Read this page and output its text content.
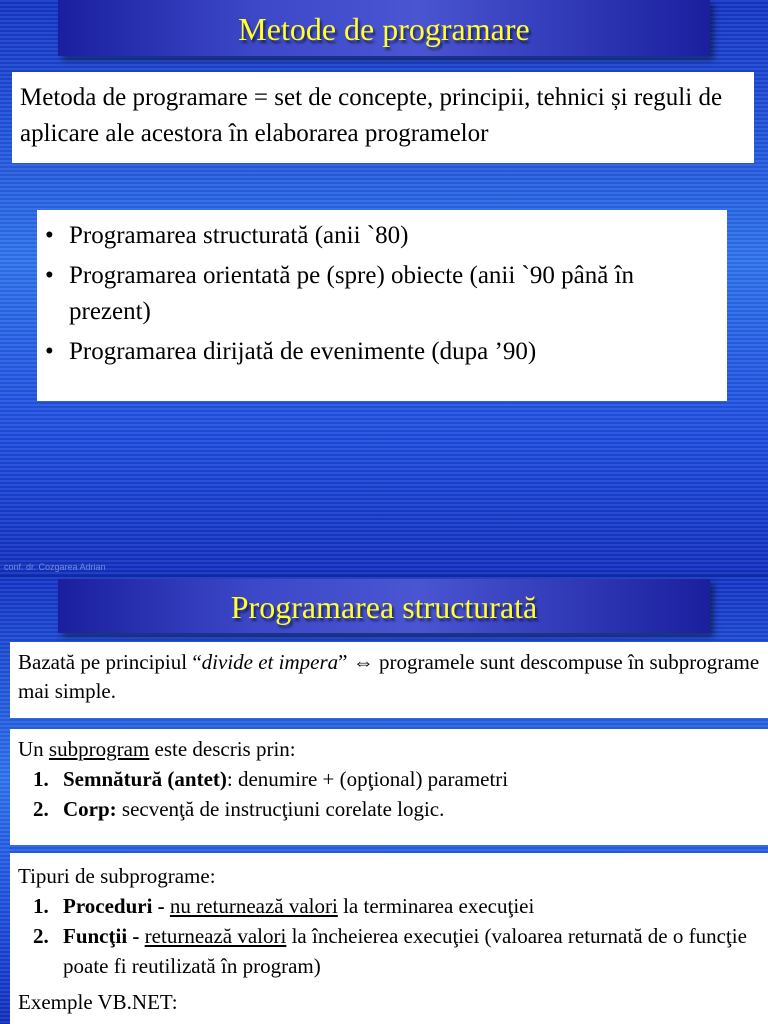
Metode de programare
Metoda de programare = set de concepte, principii, tehnici și reguli de aplicare ale acestora în elaborarea programelor
• Programarea structurată (anii `80)
• Programarea orientată pe (spre) obiecte (anii `90 până în prezent)
• Programarea dirijată de evenimente (dupa ’90)
conf. dr. Cozgarea Adrian
Programarea structurată
Bazată pe principiul “divide et impera” ⇔ programele sunt descompuse în subprograme mai simple.
Un subprogram este descris prin:
1. Semnătură (antet): denumire + (opţional) parametri
2. Corp: secvenţă de instrucţiuni corelate logic.
Tipuri de subprograme:
1. Proceduri - nu returnează valori la terminarea execuţiei
2. Funcţii - returnează valori la încheierea execuţiei (valoarea returnată de o funcţie poate fi reutilizată în program)
Exemple VB.NET:
